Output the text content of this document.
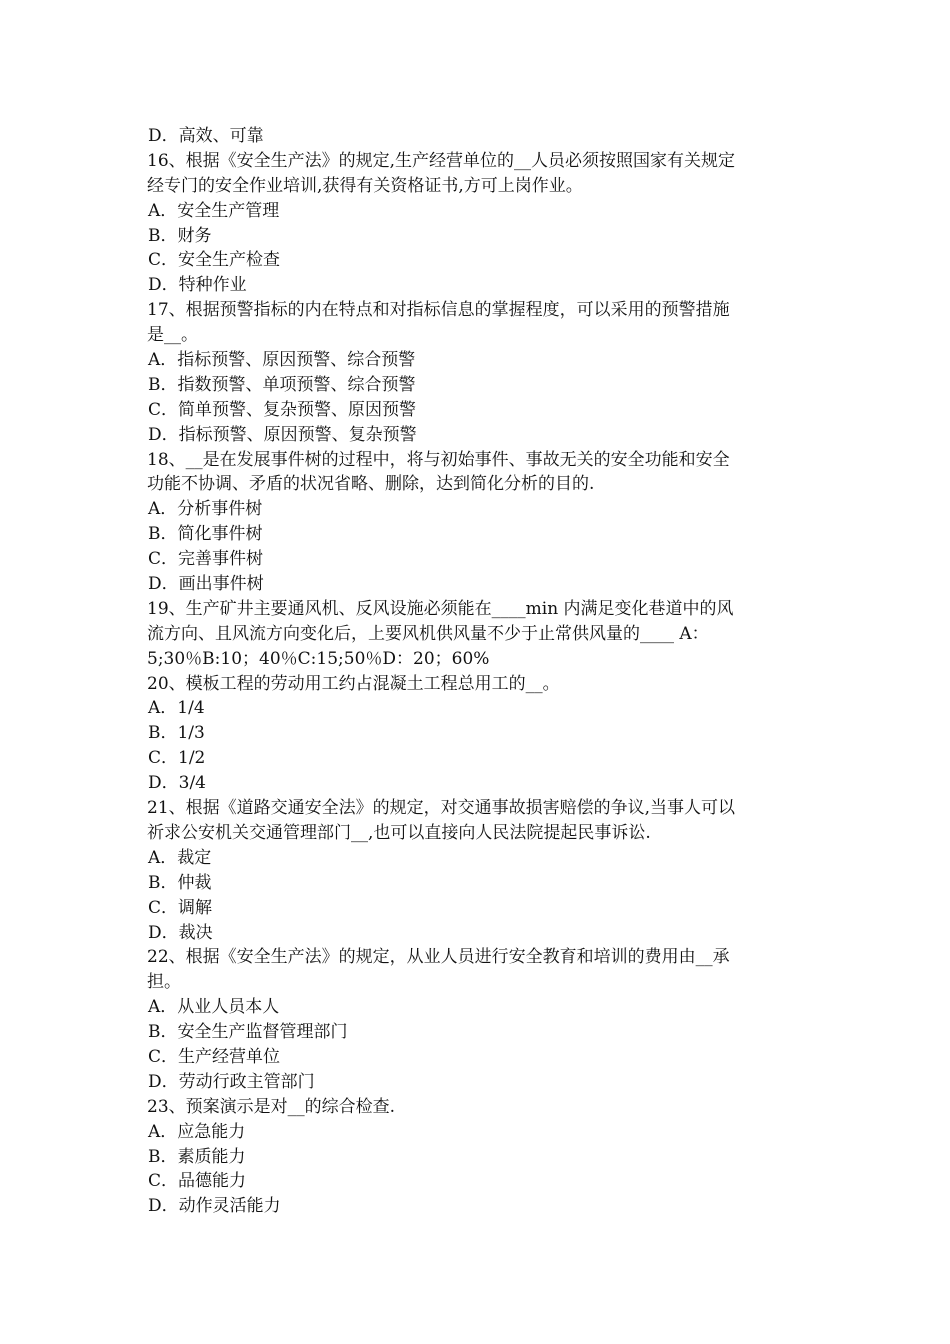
D．高效、可靠
16、根据《安全生产法》的规定,生产经营单位的__人员必须按照国家有关规定
经专门的安全作业培训,获得有关资格证书,方可上岗作业。
A．安全生产管理
B．财务
C．安全生产检查
D．特种作业
17、根据预警指标的内在特点和对指标信息的掌握程度，可以采用的预警措施
是__。
A．指标预警、原因预警、综合预警
B．指数预警、单项预警、综合预警
C．简单预警、复杂预警、原因预警
D．指标预警、原因预警、复杂预警
18、__是在发展事件树的过程中，将与初始事件、事故无关的安全功能和安全
功能不协调、矛盾的状况省略、删除，达到简化分析的目的.
A．分析事件树
B．简化事件树
C．完善事件树
D．画出事件树
19、生产矿井主要通风机、反风设施必须能在____min 内满足变化巷道中的风
流方向、且风流方向变化后，上要风机供风量不少于止常供风量的____ A：
5;30％B:10；40％C:15;50％D：20；60%
20、模板工程的劳动用工约占混凝土工程总用工的__。
A．1/4
B．1/3
C．1/2
D．3/4
21、根据《道路交通安全法》的规定，对交通事故损害赔偿的争议,当事人可以
祈求公安机关交通管理部门__,也可以直接向人民法院提起民事诉讼.
A．裁定
B．仲裁
C．调解
D．裁决
22、根据《安全生产法》的规定，从业人员进行安全教育和培训的费用由__承
担。
A．从业人员本人
B．安全生产监督管理部门
C．生产经营单位
D．劳动行政主管部门
23、预案演示是对__的综合检查.
A．应急能力
B．素质能力
C．品德能力
D．动作灵活能力
